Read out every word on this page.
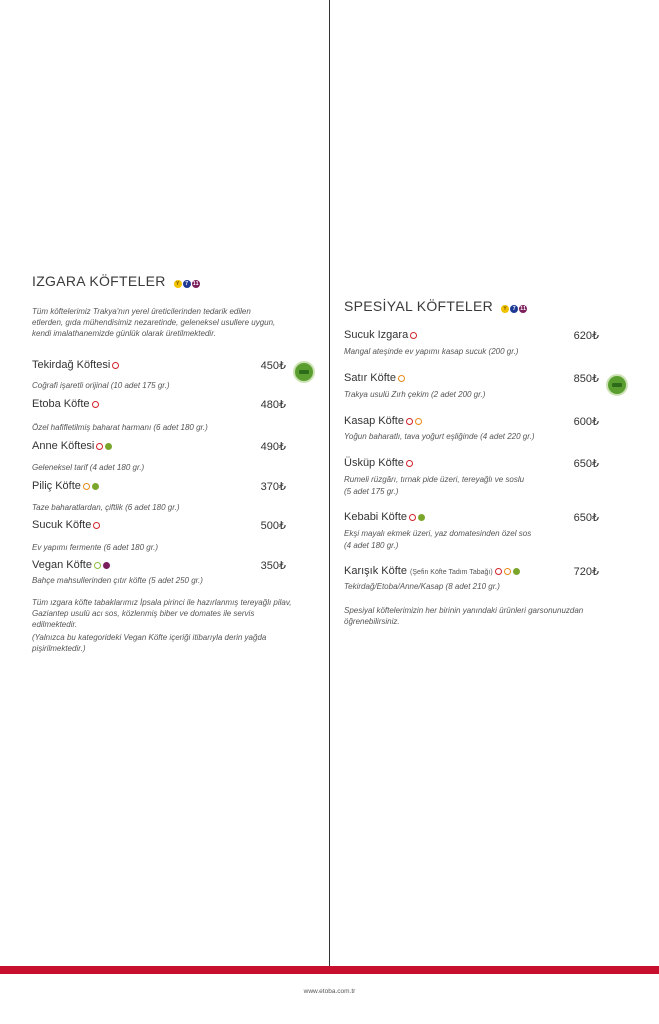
IZGARA KÖFTELER Y 7 11
Tüm köftelerimiz Trakya'nın yerel üreticilerinden tedarik edilen etlerden, gıda mühendisimiz nezaretinde, geleneksel usullere uygun, kendi imalathanemizde günlük olarak üretilmektedir.
Tekirdağ Köftesi	450₺
Coğrafi işaretli orijinal (10 adet 175 gr.)
Etoba Köfte	480₺
Özel hafifletilmiş baharat harmanı (6 adet 180 gr.)
Anne Köftesi	490₺
Geleneksel tarif (4 adet 180 gr.)
Piliç Köfte	370₺
Taze baharatlardan, çiftlik (6 adet 180 gr.)
Sucuk Köfte	500₺
Ev yapımı fermente (6 adet 180 gr.)
Vegan Köfte	350₺
Bahçe mahsullerinden çıtır köfte (5 adet 250 gr.)
Tüm ızgara köfte tabaklarımız İpsala pirinci ile hazırlanmış tereyağlı pilav, Gaziantep usulü acı sos, közlenmiş biber ve domates ile servis edilmektedir.
(Yalnızca bu kategorideki Vegan Köfte içeriği itibarıyla derin yağda pişirilmektedir.)
SPESİYAL KÖFTELER Y 7 11
Sucuk Izgara	620₺
Mangal ateşinde ev yapımı kasap sucuk (200 gr.)
Satır Köfte	850₺
Trakya usulü Zırh çekim (2 adet 200 gr.)
Kasap Köfte	600₺
Yoğun baharatlı, tava yoğurt eşliğinde (4 adet 220 gr.)
Üsküp Köfte	650₺
Rumeli rüzgârı, tırnak pide üzeri, tereyağlı ve soslu
(5 adet 175 gr.)
Kebabi Köfte	650₺
Ekşi mayalı ekmek üzeri, yaz domatesinden özel sos
(4 adet 180 gr.)
Karışık Köfte (Şefin Köfte Tadım Tabağı)	720₺
Tekirdağ/Etoba/Anne/Kasap (8 adet 210 gr.)
Spesiyal köftelerimizin her birinin yanındaki ürünleri garsonunuzdan öğrenebilirsiniz.
www.etoba.com.tr
